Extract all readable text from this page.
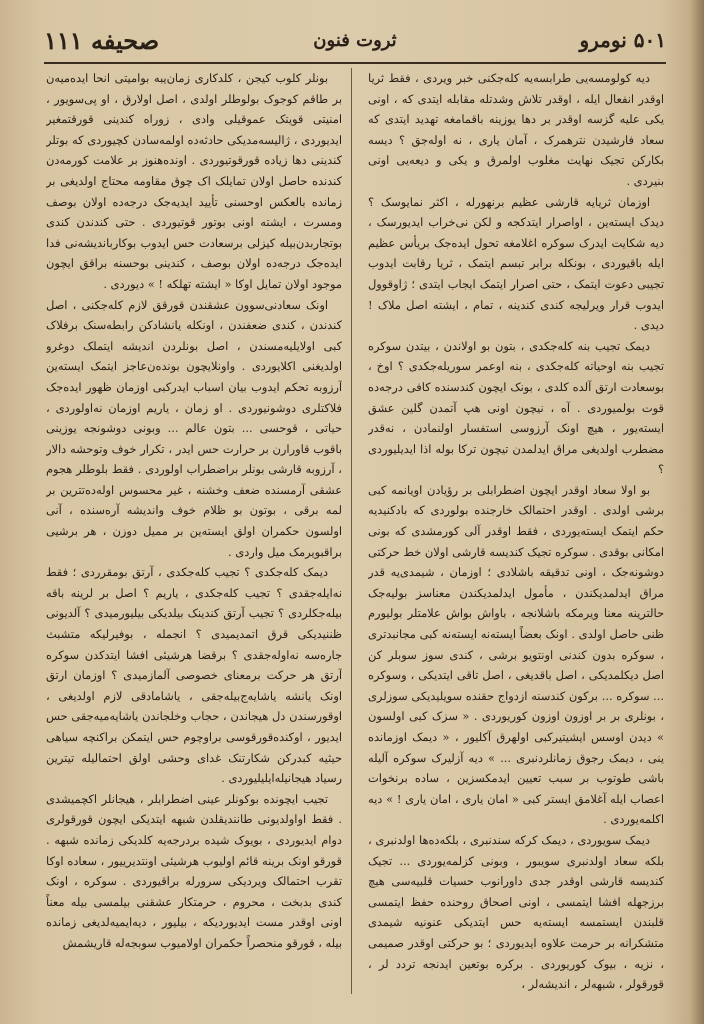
۵۰۱ نومرو
ثروت فنون
صحیفه ۱۱۱

دیه کولومسه‌یی طرابسه‌یه کله‌جکنی خبر ویردی ، فقط ثریا اوقدر انفعال ایله ، اوقدر تلاش وشدتله مقابله ایتدی که ، اونی یکی علیه گزسه اوقدر بر دها یوزینه باقمامغه تهدید ایتدی که سعاد فارشیدن نترهمرک ، آمان یاری ، نه اوله‌جق ؟ دیسه بکارکن تجیک نهایت مغلوب اولمرق و یکی و دیعه‌یی اونی بنیردی .

اوزمان ثریایه قارشی عظیم برنهورله ، اکثر نمایوسک ؟ دیدک ایسته‌ین ، اواصرار ایتدکجه و لکن نی‌خراب ایدیورسک ، دیه شکایت ایدرک سوکره اغلامغه تحول ایده‌جک بریأس عظیم ایله باقیوردی ، بونکله برابر تبسم ایتمک ، ثریا رقابت ایدوب تجیبی دعوت ایتمک ، حتی اصرار ایتمک ایجاب ایتدی ؛ ژاوقوول ایدوب قرار ویرلیجه کندی کندینه ، تمام ، ایشته اصل ملاک ! دیدی .

دیمک تجیب بنه کله‌جکدی ، بتون بو اولاندن ، بیتدن سوکره تجیب بنه اوحیاته کله‌جکدی ، بنه اوعمر سوریله‌جکدی ؟ اوخ ، بوسعادت ارتق آلده کلدی ، بونک ایچون کندسنده کافی درجه‌ده قوت بولمیوردی . آه ، نیچون اونی هپ آتمدن گلین عشق ایسته‌یور ، هیچ اونک آرزوسی استفسار اولنمادن ، نه‌قدر مضطرب اولدیغی مراق ایدلمدن تیچون ترکا بوله اذا ایدیلیوردی ؟

بو اولا سعاد اوقدر ایچون اضطرابلی بر رؤیادن اویانمه کبی برشی اولدی . اوقدر احتمالک خارجنده بولوردی که بادکنیدیه حکم ایتمک ایسته‌یوردی ، فقط اوقدر آلی کورمشدی که بونی امکانی بوقدی . سوکره تجیک کندیسه قارشی اولان خط حرکتی دوشونه‌جک ، اونی تدقیقه باشلادی ؛ اوزمان ، شیمدی‌یه قدر مراق ایدلمدیکندن ، مأمول ایدلمدیکندن معناسز بولیه‌جک حالترینه معنا ویرمکه باشلانجه ، باواش بواش علامتلر بولیورم ظنی حاصل اولدی . اونک بعضاً ایسته‌نه ایسته‌نه کبی مجانبدتری ، سوکره بدون کندنی اونتویو برشی ، کندی سوز سوبلر کن اصل دیکلمدیکی ، اصل باقدیغی ، اصل تاقی ایتدیکی ، وسوکره ... سوکره ... برکون کندسنه ازدواج حقنده سویلیدیکی سوزلری ، بونلری بر بر اوزون اوزون کوریوردی . « سزک کبی اولسون » دیدن اوسس ایشیتیرکبی اولهرق آکلیور ، « دیمک اوزمانده ینی ، دیمک رجوق زمانلردنبری ... » دیه آزلیرک سوکره آلیله باشی طوتوب بر سبب تعیین ایدمکسزین ، ساده برنخوات اعصاب ایله آغلامق ایستر کبی « امان یاری ، امان یاری ! » دیه اکلمه‌یوردی .

دیمک سویوردی ، دیمک کرکه سندنبری ، بلکه‌ده‌ها اولدنبری ، بلکه سعاد اولدنبری سویبور ، وبونی کزلمه‌یوردی ... تجیک کندیسه قارشی اوقدر جدی داورانوب حسیات قلبیه‌سی هیچ برزجهله افشا ایتمسی ، اونی اصحاق روحنده حفظ ایتمسی قلبندن ایستمسه ایسته‌یه حس ایتدیکی عنونیه شیمدی متشکرانه بر حرمت علاوه ایدیوردی ؛ بو حرکتی اوقدر صمیمی ، نزیه ، بیوک کوریوردی . برکره بوتعین ایدنجه تردد لر ، قورقولر ، شبهه‌لر ، اندیشه‌لر ،

بونلر کلوب کیجن ، کلدکاری زمان‌یبه بوامیتی انحا ایده‌میه‌ن بر طاقم کوجوک بولوطلر اولدی ، اصل اولارق ، او پی‌سویور ، امنیتی قویتک عموقیلی وادی ، زوراه کندینی قورقتمغیر ایدیوردی ، ژالیسه‌مدیکی حادثه‌ده اولمه‌سادن کچیوردی که بوتلر کندینی دها زیاده قورقوتیوردی . اونده‌هنوز بر علامت کورمه‌دن کندنده حاصل اولان تمایلک اک چوق مقاومه محتاج اولدیغی بر زمانده بالعکس اوحسنی تأیید ایدیه‌جک درجه‌ده اولان بوصف ومسرت ، ایشته اونی بوتور قوتیوردی . حتی کندندن کندی بوتجاربدن‌بیله کیزلی برسعادت حس ایدوب بوکارباندیشه‌نی فدا ایده‌جک درجه‌ده اولان بوصف ، کندینی بوحسنه براقق ایچون موجود اولان تمایل اوکا « ایشته تهلکه ! » دیوردی .

اونک سعادنی‌سوون عشقندن قورقق لازم کله‌جکنی ، اصل کندندن ، کندی ضعفندن ، اونکله یانشادکن رابطه‌سنک برفلاک کبی اولایلیه‌مسندن ، اصل بونلردن اندیشه ایتملک دوغرو اولدیغنی اکلایوردی . واونلایچون بونده‌ن‌عاجز ایتمک ایسته‌ین آرزوبه تحکم ایدوب بیان اسباب ایدرکبی اوزمان ظهور ایده‌جک فلاکتلری دوشونیوردی . او زمان ، یاریم اوزمان نه‌اولوردی ، حیاتی ، قوحسی ... بتون عالم ... وبونی دوشونجه یوزینی باقوب قاورارن بر حرارت حس ایدر ، تکرار خوف وتوحشه دالار ، آرزوبه قارشی بونلر براضطراب اولوردی . فقط بلوطلر هجوم عشقی آرمسنده ضعف وخشنه ، غیر محسوس اوله‌ده‌تترین بر لمه برقی ، بوتون بو ظلام خوف واندیشه آره‌سنده ، آنی اولسون حکمران اولق ایسته‌ین بر ممیل دوزن ، هر برشیی براقبویرمک میل واردی .

دیمک کله‌جکدی ؟ تجیب کله‌جکدی ، آرتق بومقرردی ؛ فقط نه‌ایله‌جقدی ؟ تجیب کله‌جکدی ، یاریم ؟ اصل بر لرینه باقه بیله‌جکلر‌دی ؟ تجیب آرتق کندینک بیلدیکی بیلیورمیدی ؟ آلدیونی ظننیدیکی قرق اتمدیمیدی ؟ انجمله ، بوفیرلیکه متشبث جاره‌سه نه‌اوله‌جقدی ؟ برقضا هرشیئی افشا ایتدکدن سوکره آرتق هر حرکت برمعنای خصوصی آلمازمیدی ؟ اوزمان ارتق اونک یانشه یاشایه‌ج‌بیله‌جقی ، یاشامادقی لازم اولدیغی ، اوقورسندن دل هیجاندن ، حجاب وخلجاندن یاشایه‌میه‌جقی حس ایدیور ، اوکنده‌قورقوسی براوچوم حس ایتمکن براکنچه سیاهی حیثیه کبدرکن شکارتنک غدای وحشی اولق احتمالیله تیترین رسیاد هیجانیله‌ایلیلیوردی .

تجیب ایچونده بوکونلر عینی اضطرابلر ، هیجانلر اکچمیشدی . فقط اواولدیونی طانندیقلدن شبهه ایتدیکی ایچون قورقولری دوام ایدیوردی ، بویوک شیده بردرجه‌یه کلدیکی زمانده شبهه . قورقو اونک برینه قائم اولیوب هرشیئی اونتدیرییور ، سعاده اوکا تقرب احتمالک ویردیکی سرورله براقیوردی . سوکره ، اونک کندی بدبخت ، محروم ، حرمتکار عشقنی بیلمسی بیله معناً اونی اوقدر مست ایدیوردیکه ، بیلیور ، دیه‌ایمیه‌لدیغی زمانده بیله ، قورقو منحصراً حکمران اولامیوب سوبجه‌له قاریشمش
